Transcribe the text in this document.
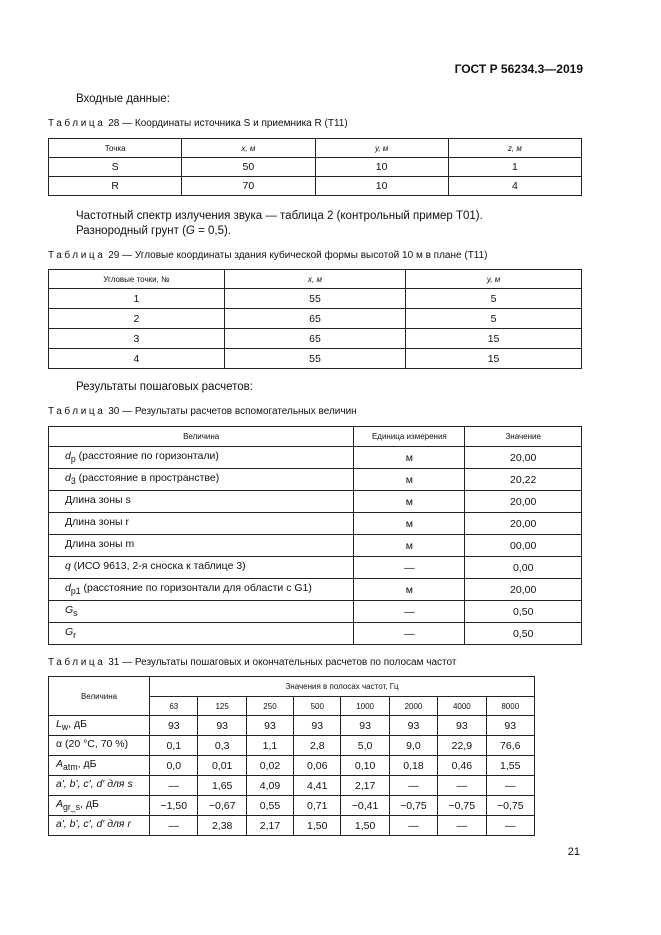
ГОСТ Р 56234.3—2019
Входные данные:
Таблица 28 — Координаты источника S и приемника R (T11)
Точка	x, м	y, м	z, м
S	50	10	1
R	70	10	4
Частотный спектр излучения звука — таблица 2 (контрольный пример T01).
Разнородный грунт (G = 0,5).
Таблица 29 — Угловые координаты здания кубической формы высотой 10 м в плане (T11)
Угловые точки, №	x, м	y, м
1	55	5
2	65	5
3	65	15
4	55	15
Результаты пошаговых расчетов:
Таблица 30 — Результаты расчетов вспомогательных величин
Величина	Единица измерения	Значение
$d_p$ (расстояние по горизонтали)	м	20,00
$d_3$ (расстояние в пространстве)	м	20,22
Длина зоны s	м	20,00
Длина зоны r	м	20,00
Длина зоны m	м	00,00
q (ИСО 9613, 2-я сноска к таблице 3)	—	0,00
$d_{p1}$ (расстояние по горизонтали для области с G1)	м	20,00
$G_s$	—	0,50
$G_r$	—	0,50
Таблица 31 — Результаты пошаговых и окончательных расчетов по полосам частот
Величина	Значения в полосах частот, Гц							
	63	125	250	500	1000	2000	4000	8000
$L_w$, дБ	93	93	93	93	93	93	93	93
α (20 °С, 70 %)	0,1	0,3	1,1	2,8	5,0	9,0	22,9	76,6
$A_{atm}$, дБ	0,0	0,01	0,02	0,06	0,10	0,18	0,46	1,55
a', b', c', d' для s	—	1,65	4,09	4,41	2,17	—	—	—
$A_{gr\_s}$, дБ	−1,50	−0,67	0,55	0,71	−0,41	−0,75	−0,75	−0,75
a', b', c', d' для r	—	2,38	2,17	1,50	1,50	—	—	—
21
